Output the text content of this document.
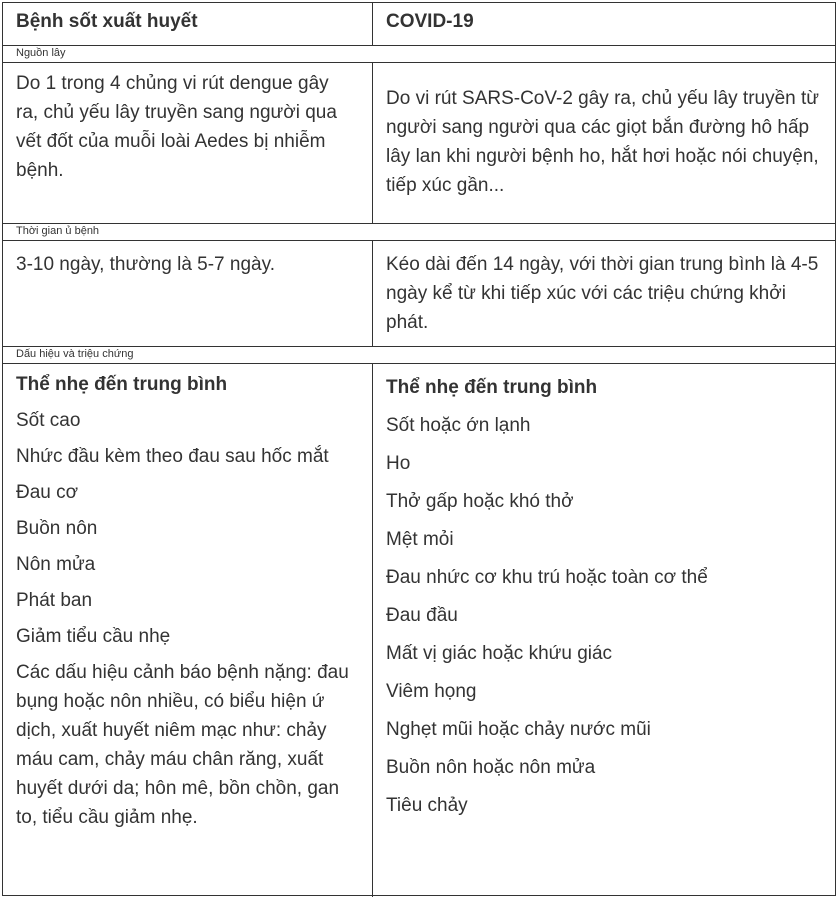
Bệnh sốt xuất huyết	COVID-19
Nguồn lây
Do 1 trong 4 chủng vi rút dengue gây ra, chủ yếu lây truyền sang người qua vết đốt của muỗi loài Aedes bị nhiễm bệnh.
Do vi rút SARS-CoV-2 gây ra, chủ yếu lây truyền từ người sang người qua các giọt bắn đường hô hấp lây lan khi người bệnh ho, hắt hơi hoặc nói chuyện, tiếp xúc gần...
Thời gian ủ bệnh
3-10 ngày, thường là 5-7 ngày.	Kéo dài đến 14 ngày, với thời gian trung bình là 4-5 ngày kể từ khi tiếp xúc với các triệu chứng khởi phát.
Dấu hiệu và triệu chứng
Thể nhẹ đến trung bình
Sốt cao
Nhức đầu kèm theo đau sau hốc mắt
Đau cơ
Buồn nôn
Nôn mửa
Phát ban
Giảm tiểu cầu nhẹ
Các dấu hiệu cảnh báo bệnh nặng: đau bụng hoặc nôn nhiều, có biểu hiện ứ dịch, xuất huyết niêm mạc như: chảy máu cam, chảy máu chân răng, xuất huyết dưới da; hôn mê, bồn chồn, gan to, tiểu cầu giảm nhẹ.
Thể nhẹ đến trung bình
Sốt hoặc ớn lạnh
Ho
Thở gấp hoặc khó thở
Mệt mỏi
Đau nhức cơ khu trú hoặc toàn cơ thể
Đau đầu
Mất vị giác hoặc khứu giác
Viêm họng
Nghẹt mũi hoặc chảy nước mũi
Buồn nôn hoặc nôn mửa
Tiêu chảy
